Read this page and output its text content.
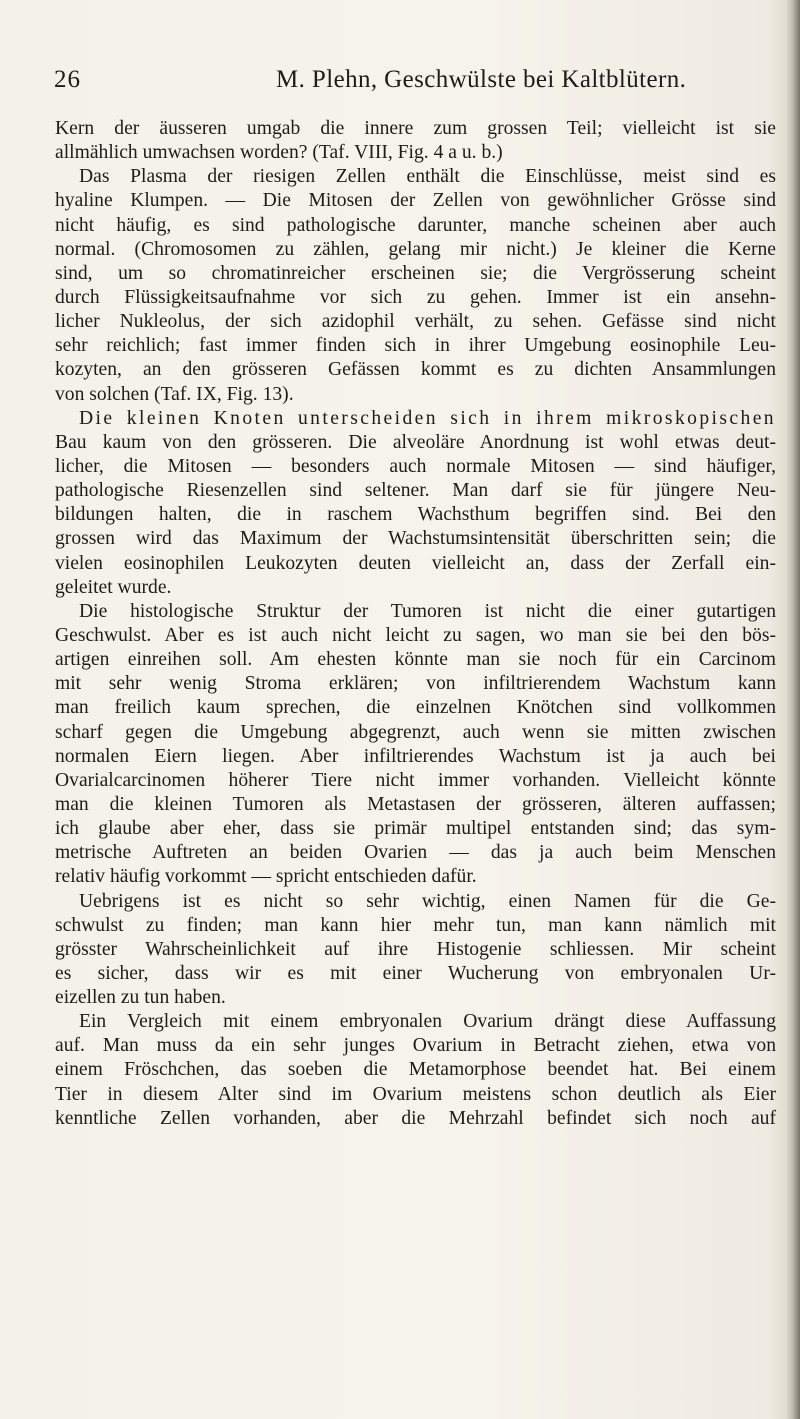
26	M. Plehn, Geschwülste bei Kaltblütern.
Kern der äusseren umgab die innere zum grossen Teil; vielleicht ist sie
allmählich umwachsen worden? (Taf. VIII, Fig. 4 a u. b.)
Das Plasma der riesigen Zellen enthält die Einschlüsse, meist sind es
hyaline Klumpen. — Die Mitosen der Zellen von gewöhnlicher Grösse sind
nicht häufig, es sind pathologische darunter, manche scheinen aber auch
normal. (Chromosomen zu zählen, gelang mir nicht.) Je kleiner die Kerne
sind, um so chromatinreicher erscheinen sie; die Vergrösserung scheint
durch Flüssigkeitsaufnahme vor sich zu gehen. Immer ist ein ansehn-
licher Nukleolus, der sich azidophil verhält, zu sehen. Gefässe sind nicht
sehr reichlich; fast immer finden sich in ihrer Umgebung eosinophile Leu-
kozyten, an den grösseren Gefässen kommt es zu dichten Ansammlungen
von solchen (Taf. IX, Fig. 13).
Die kleinen Knoten unterscheiden sich in ihrem mikroskopischen
Bau kaum von den grösseren. Die alveoläre Anordnung ist wohl etwas deut-
licher, die Mitosen — besonders auch normale Mitosen — sind häufiger,
pathologische Riesenzellen sind seltener. Man darf sie für jüngere Neu-
bildungen halten, die in raschem Wachsthum begriffen sind. Bei den
grossen wird das Maximum der Wachstumsintensität überschritten sein; die
vielen eosinophilen Leukozyten deuten vielleicht an, dass der Zerfall ein-
geleitet wurde.
Die histologische Struktur der Tumoren ist nicht die einer gutartigen
Geschwulst. Aber es ist auch nicht leicht zu sagen, wo man sie bei den bös-
artigen einreihen soll. Am ehesten könnte man sie noch für ein Carcinom
mit sehr wenig Stroma erklären; von infiltrierendem Wachstum kann
man freilich kaum sprechen, die einzelnen Knötchen sind vollkommen
scharf gegen die Umgebung abgegrenzt, auch wenn sie mitten zwischen
normalen Eiern liegen. Aber infiltrierendes Wachstum ist ja auch bei
Ovarialcarcinomen höherer Tiere nicht immer vorhanden. Vielleicht könnte
man die kleinen Tumoren als Metastasen der grösseren, älteren auffassen;
ich glaube aber eher, dass sie primär multipel entstanden sind; das sym-
metrische Auftreten an beiden Ovarien — das ja auch beim Menschen
relativ häufig vorkommt — spricht entschieden dafür.
Uebrigens ist es nicht so sehr wichtig, einen Namen für die Ge-
schwulst zu finden; man kann hier mehr tun, man kann nämlich mit
grösster Wahrscheinlichkeit auf ihre Histogenie schliessen. Mir scheint
es sicher, dass wir es mit einer Wucherung von embryonalen Ur-
eizellen zu tun haben.
Ein Vergleich mit einem embryonalen Ovarium drängt diese Auffassung
auf. Man muss da ein sehr junges Ovarium in Betracht ziehen, etwa von
einem Fröschchen, das soeben die Metamorphose beendet hat. Bei einem
Tier in diesem Alter sind im Ovarium meistens schon deutlich als Eier
kenntliche Zellen vorhanden, aber die Mehrzahl befindet sich noch auf
